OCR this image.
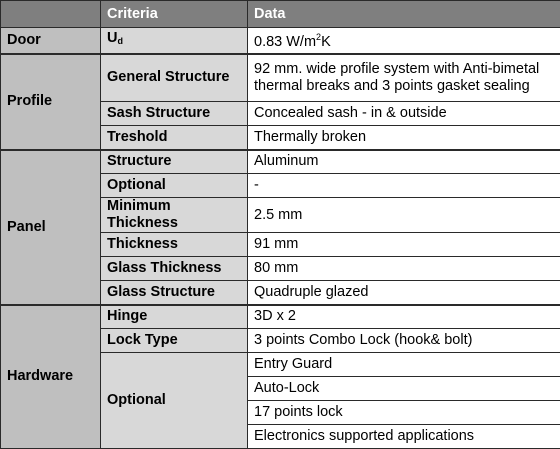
	Criteria	Data
Door	$U_d$	0.83 $W/m^2K$
Profile	General Structure	92 mm. wide profile system with Anti-bimetal thermal breaks and 3 points gasket sealing
	Sash Structure	Concealed sash - in & outside
	Treshold	Thermally broken
Panel	Structure	Aluminum
	Optional	-
	Minimum Thickness	2.5 mm
	Thickness	91 mm
	Glass Thickness	80 mm
	Glass Structure	Quadruple glazed
Hardware	Hinge	3D x 2
	Lock Type	3 points Combo Lock (hook& bolt)
	Optional	Entry Guard
		Auto-Lock
		17 points lock
		Electronics supported applications
